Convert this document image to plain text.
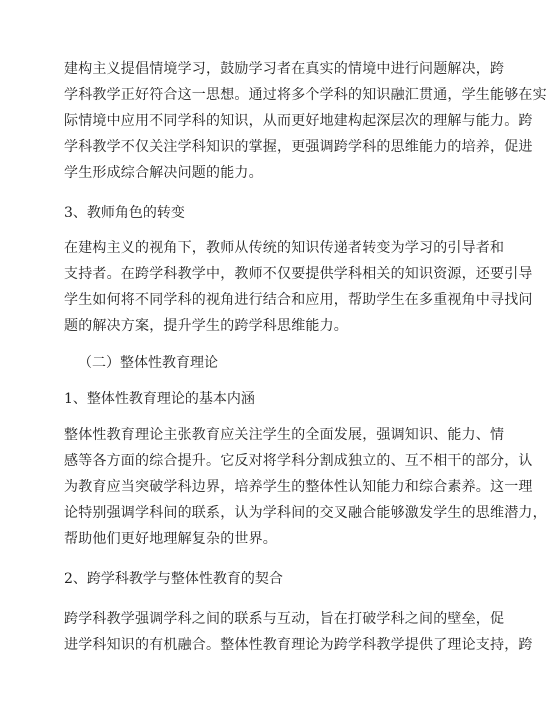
建构主义提倡情境学习，鼓励学习者在真实的情境中进行问题解决，跨
学科教学正好符合这一思想。通过将多个学科的知识融汇贯通，学生能够在实
际情境中应用不同学科的知识，从而更好地建构起深层次的理解与能力。跨
学科教学不仅关注学科知识的掌握，更强调跨学科的思维能力的培养，促进
学生形成综合解决问题的能力。
3、教师角色的转变
在建构主义的视角下，教师从传统的知识传递者转变为学习的引导者和
支持者。在跨学科教学中，教师不仅要提供学科相关的知识资源，还要引导
学生如何将不同学科的视角进行结合和应用，帮助学生在多重视角中寻找问
题的解决方案，提升学生的跨学科思维能力。
（二）整体性教育理论
1、整体性教育理论的基本内涵
整体性教育理论主张教育应关注学生的全面发展，强调知识、能力、情
感等各方面的综合提升。它反对将学科分割成独立的、互不相干的部分，认
为教育应当突破学科边界，培养学生的整体性认知能力和综合素养。这一理
论特别强调学科间的联系，认为学科间的交叉融合能够激发学生的思维潜力，
帮助他们更好地理解复杂的世界。
2、跨学科教学与整体性教育的契合
跨学科教学强调学科之间的联系与互动，旨在打破学科之间的壁垒，促
进学科知识的有机融合。整体性教育理论为跨学科教学提供了理论支持，跨
